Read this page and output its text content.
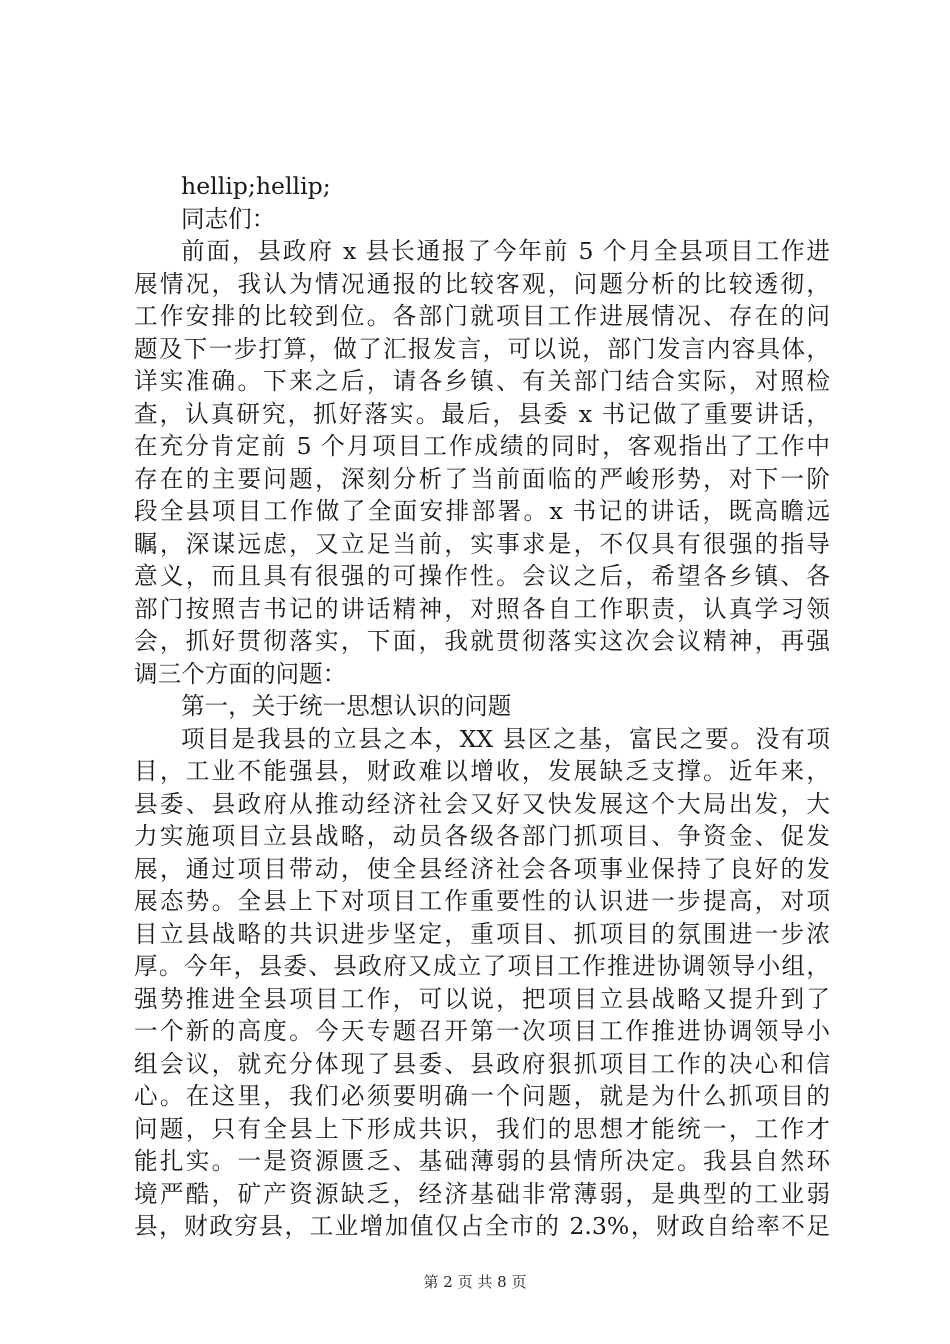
hellip;hellip;
同志们：
前面，县政府 x 县长通报了今年前 5 个月全县项目工作进
展情况，我认为情况通报的比较客观，问题分析的比较透彻，
工作安排的比较到位。各部门就项目工作进展情况、存在的问
题及下一步打算，做了汇报发言，可以说，部门发言内容具体，
详实准确。下来之后，请各乡镇、有关部门结合实际，对照检
查，认真研究，抓好落实。最后，县委 x 书记做了重要讲话，
在充分肯定前 5 个月项目工作成绩的同时，客观指出了工作中
存在的主要问题，深刻分析了当前面临的严峻形势，对下一阶
段全县项目工作做了全面安排部署。x 书记的讲话，既高瞻远
瞩，深谋远虑，又立足当前，实事求是，不仅具有很强的指导
意义，而且具有很强的可操作性。会议之后，希望各乡镇、各
部门按照吉书记的讲话精神，对照各自工作职责，认真学习领
会，抓好贯彻落实，下面，我就贯彻落实这次会议精神，再强
调三个方面的问题：
第一，关于统一思想认识的问题
项目是我县的立县之本，XX 县区之基，富民之要。没有项
目，工业不能强县，财政难以增收，发展缺乏支撑。近年来，
县委、县政府从推动经济社会又好又快发展这个大局出发，大
力实施项目立县战略，动员各级各部门抓项目、争资金、促发
展，通过项目带动，使全县经济社会各项事业保持了良好的发
展态势。全县上下对项目工作重要性的认识进一步提高，对项
目立县战略的共识进步坚定，重项目、抓项目的氛围进一步浓
厚。今年，县委、县政府又成立了项目工作推进协调领导小组，
强势推进全县项目工作，可以说，把项目立县战略又提升到了
一个新的高度。今天专题召开第一次项目工作推进协调领导小
组会议，就充分体现了县委、县政府狠抓项目工作的决心和信
心。在这里，我们必须要明确一个问题，就是为什么抓项目的
问题，只有全县上下形成共识，我们的思想才能统一，工作才
能扎实。一是资源匮乏、基础薄弱的县情所决定。我县自然环
境严酷，矿产资源缺乏，经济基础非常薄弱，是典型的工业弱
县，财政穷县，工业增加值仅占全市的 2.3%，财政自给率不足
第 2 页 共 8 页
